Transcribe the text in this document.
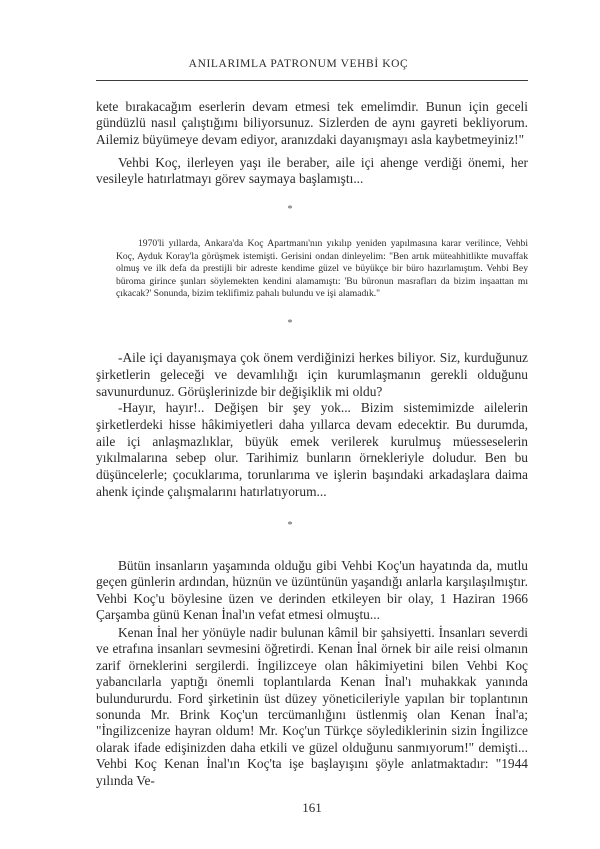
ANILARIMLA PATRONUM VEHBİ KOÇ

kete bırakacağım eserlerin devam etmesi tek emelimdir. Bunun için geceli gündüzlü nasıl çalıştığımı biliyorsunuz. Sizlerden de aynı gayreti bekliyorum. Ailemiz büyümeye devam ediyor, aranızdaki dayanışmayı asla kaybetmeyiniz!"

Vehbi Koç, ilerleyen yaşı ile beraber, aile içi ahenge verdiği önemi, her vesileyle hatırlatmayı görev saymaya başlamıştı...

*

1970'li yıllarda, Ankara'da Koç Apartmanı'nın yıkılıp yeniden yapılmasına karar verilince, Vehbi Koç, Ayduk Koray'la görüşmek istemişti. Gerisini ondan dinleyelim: "Ben artık müteahhitlikte muvaffak olmuş ve ilk defa da prestijli bir adreste kendime güzel ve büyükçe bir büro hazırlamıştım. Vehbi Bey büroma girince şunları söylemekten kendini alamamıştı: 'Bu büronun masrafları da bizim inşaattan mı çıkacak?' Sonunda, bizim teklifimiz pahalı bulundu ve işi alamadık."

*

-Aile içi dayanışmaya çok önem verdiğinizi herkes biliyor. Siz, kurduğunuz şirketlerin geleceği ve devamlılığı için kurumlaşmanın gerekli olduğunu savunurdunuz. Görüşlerinizde bir değişiklik mi oldu?

-Hayır, hayır!.. Değişen bir şey yok... Bizim sistemimizde ailelerin şirketlerdeki hisse hâkimiyetleri daha yıllarca devam edecektir. Bu durumda, aile içi anlaşmazlıklar, büyük emek verilerek kurulmuş müesseselerin yıkılmalarına sebep olur. Tarihimiz bunların örnekleriyle doludur. Ben bu düşüncelerle; çocuklarıma, torunlarıma ve işlerin başındaki arkadaşlara daima ahenk içinde çalışmalarını hatırlatıyorum...

*

Bütün insanların yaşamında olduğu gibi Vehbi Koç'un hayatında da, mutlu geçen günlerin ardından, hüznün ve üzüntünün yaşandığı anlarla karşılaşılmıştır. Vehbi Koç'u böylesine üzen ve derinden etkileyen bir olay, 1 Haziran 1966 Çarşamba günü Kenan İnal'ın vefat etmesi olmuştu...

Kenan İnal her yönüyle nadir bulunan kâmil bir şahsiyetti. İnsanları severdi ve etrafına insanları sevmesini öğretirdi. Kenan İnal örnek bir aile reisi olmanın zarif örneklerini sergilerdi. İngilizceye olan hâkimiyetini bilen Vehbi Koç yabancılarla yaptığı önemli toplantılarda Kenan İnal'ı muhakkak yanında bulundururdu. Ford şirketinin üst düzey yöneticileriyle yapılan bir toplantının sonunda Mr. Brink Koç'un tercümanlığını üstlenmiş olan Kenan İnal'a; "İngilizcenize hayran oldum! Mr. Koç'un Türkçe söylediklerinin sizin İngilizce olarak ifade edişinizden daha etkili ve güzel olduğunu sanmıyorum!" demişti... Vehbi Koç Kenan İnal'ın Koç'ta işe başlayışını şöyle anlatmaktadır: "1944 yılında Ve-

161
